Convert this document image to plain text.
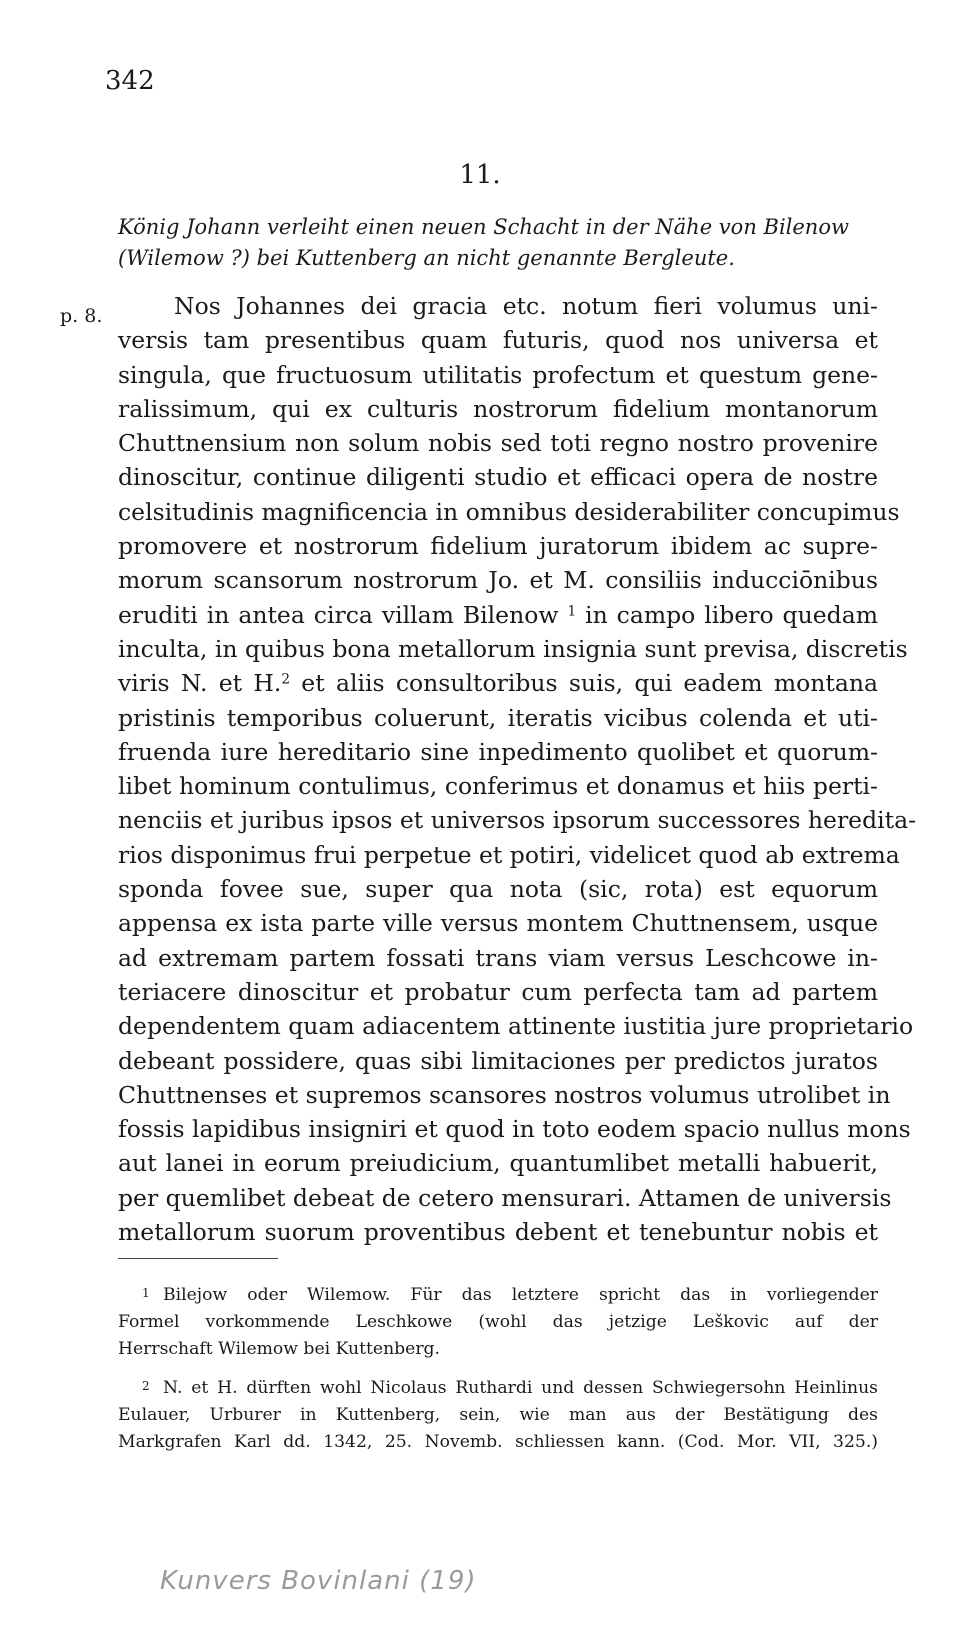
342
11.
König Johann verleiht einen neuen Schacht in der Nähe von Bilenow
(Wilemow ?) bei Kuttenberg an nicht genannte Bergleute.
p. 8.	Nos Johannes dei gracia etc. notum fieri volumus uni-
versis tam presentibus quam futuris, quod nos universa et
singula, que fructuosum utilitatis profectum et questum gene-
ralissimum, qui ex culturis nostrorum fidelium montanorum
Chuttnensium non solum nobis sed toti regno nostro provenire
dinoscitur, continue diligenti studio et efficaci opera de nostre
celsitudinis magnificencia in omnibus desiderabiliter concupimus
promovere et nostrorum fidelium juratorum ibidem ac supre-
morum scansorum nostrorum Jo. et M. consiliis inducciōnibus
eruditi in antea circa villam Bilenow $^1$ in campo libero quedam
inculta, in quibus bona metallorum insignia sunt previsa, discretis
viris N. et H.$^2$ et aliis consultoribus suis, qui eadem montana
pristinis temporibus coluerunt, iteratis vicibus colenda et uti-
fruenda iure hereditario sine inpedimento quolibet et quorum-
libet hominum contulimus, conferimus et donamus et hiis perti-
nenciis et juribus ipsos et universos ipsorum successores heredita-
rios disponimus frui perpetue et potiri, videlicet quod ab extrema
sponda fovee sue, super qua nota (sic, rota) est equorum
appensa ex ista parte ville versus montem Chuttnensem, usque
ad extremam partem fossati trans viam versus Leschcowe in-
teriacere dinoscitur et probatur cum perfecta tam ad partem
dependentem quam adiacentem attinente iustitia jure proprietario
debeant possidere, quas sibi limitaciones per predictos juratos
Chuttnenses et supremos scansores nostros volumus utrolibet in
fossis lapidibus insigniri et quod in toto eodem spacio nullus mons
aut lanei in eorum preiudicium, quantumlibet metalli habuerit,
per quemlibet debeat de cetero mensurari. Attamen de universis
metallorum suorum proventibus debent et tenebuntur nobis et
1 Bilejow oder Wilemow. Für das letztere spricht das in vorliegender
Formel vorkommende Leschkowe (wohl das jetzige Leškovic auf der
Herrschaft Wilemow bei Kuttenberg.
2 N. et H. dürften wohl Nicolaus Ruthardi und dessen Schwiegersohn Heinlinus
Eulauer, Urburer in Kuttenberg, sein, wie man aus der Bestätigung des
Markgrafen Karl dd. 1342, 25. Novemb. schliessen kann. (Cod. Mor. VII, 325.)
Kunvers Bovinlani (19)
